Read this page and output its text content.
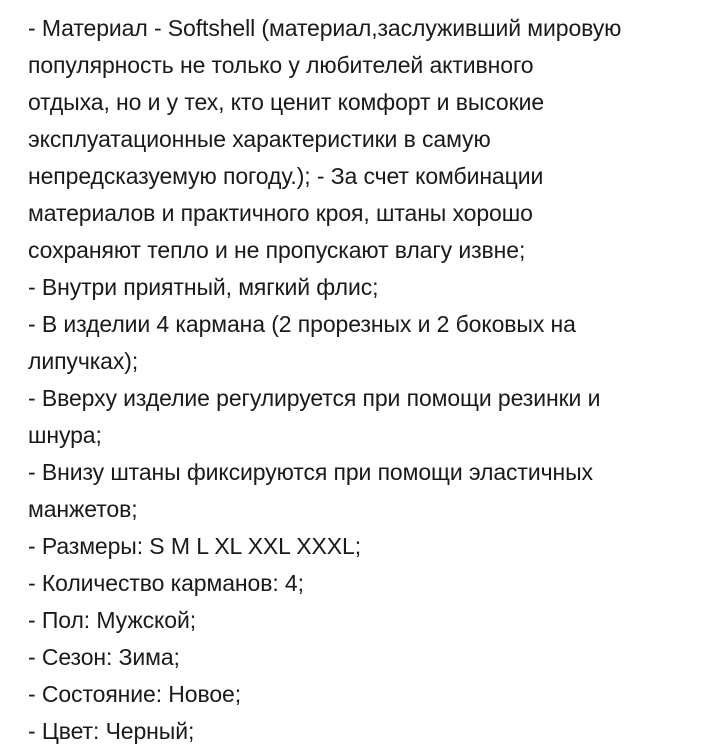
- Материал - Softshell (материал,заслуживший мировую
популярность не только у любителей активного
отдыха, но и у тех, кто ценит комфорт и высокие
эксплуатационные характеристики в самую
непредсказуемую погоду.); - За счет комбинации
материалов и практичного кроя, штаны хорошо
сохраняют тепло и не пропускают влагу извне;
- Внутри приятный, мягкий флис;
- В изделии 4 кармана (2 прорезных и 2 боковых на
липучках);
- Вверху изделие регулируется при помощи резинки и
шнура;
- Внизу штаны фиксируются при помощи эластичных
манжетов;
- Размеры: S M L XL XXL XXXL;
- Количество карманов: 4;
- Пол: Мужской;
- Сезон: Зима;
- Состояние: Новое;
- Цвет: Черный;
